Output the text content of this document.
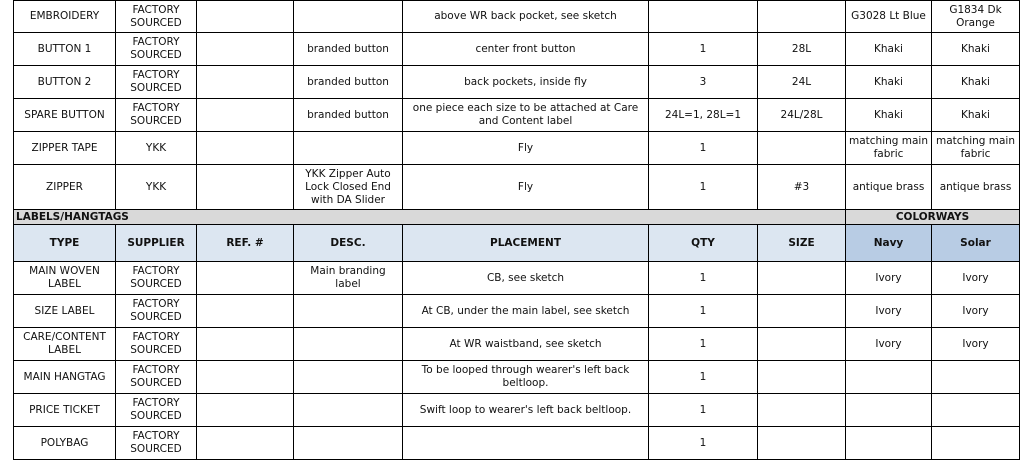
EMBROIDERY	FACTORY SOURCED			above WR back pocket, see sketch			G3028 Lt Blue	G1834 Dk Orange
BUTTON 1	FACTORY SOURCED		branded button	center front button	1	28L	Khaki	Khaki
BUTTON 2	FACTORY SOURCED		branded button	back pockets, inside fly	3	24L	Khaki	Khaki
SPARE BUTTON	FACTORY SOURCED		branded button	one piece each size to be attached at Care and Content label	24L=1, 28L=1	24L/28L	Khaki	Khaki
ZIPPER TAPE	YKK			Fly	1		matching main fabric	matching main fabric
ZIPPER	YKK		YKK Zipper Auto Lock Closed End with DA Slider	Fly	1	#3	antique brass	antique brass
LABELS/HANGTAGS							COLORWAYS	
TYPE	SUPPLIER	REF. #	DESC.	PLACEMENT	QTY	SIZE	Navy	Solar
MAIN WOVEN LABEL	FACTORY SOURCED		Main branding label	CB, see sketch	1		Ivory	Ivory
SIZE LABEL	FACTORY SOURCED			At CB, under the main label, see sketch	1		Ivory	Ivory
CARE/CONTENT LABEL	FACTORY SOURCED			At WR waistband, see sketch	1		Ivory	Ivory
MAIN HANGTAG	FACTORY SOURCED			To be looped through wearer's left back beltloop.	1			
PRICE TICKET	FACTORY SOURCED			Swift loop to wearer's left back beltloop.	1			
POLYBAG	FACTORY SOURCED				1			
